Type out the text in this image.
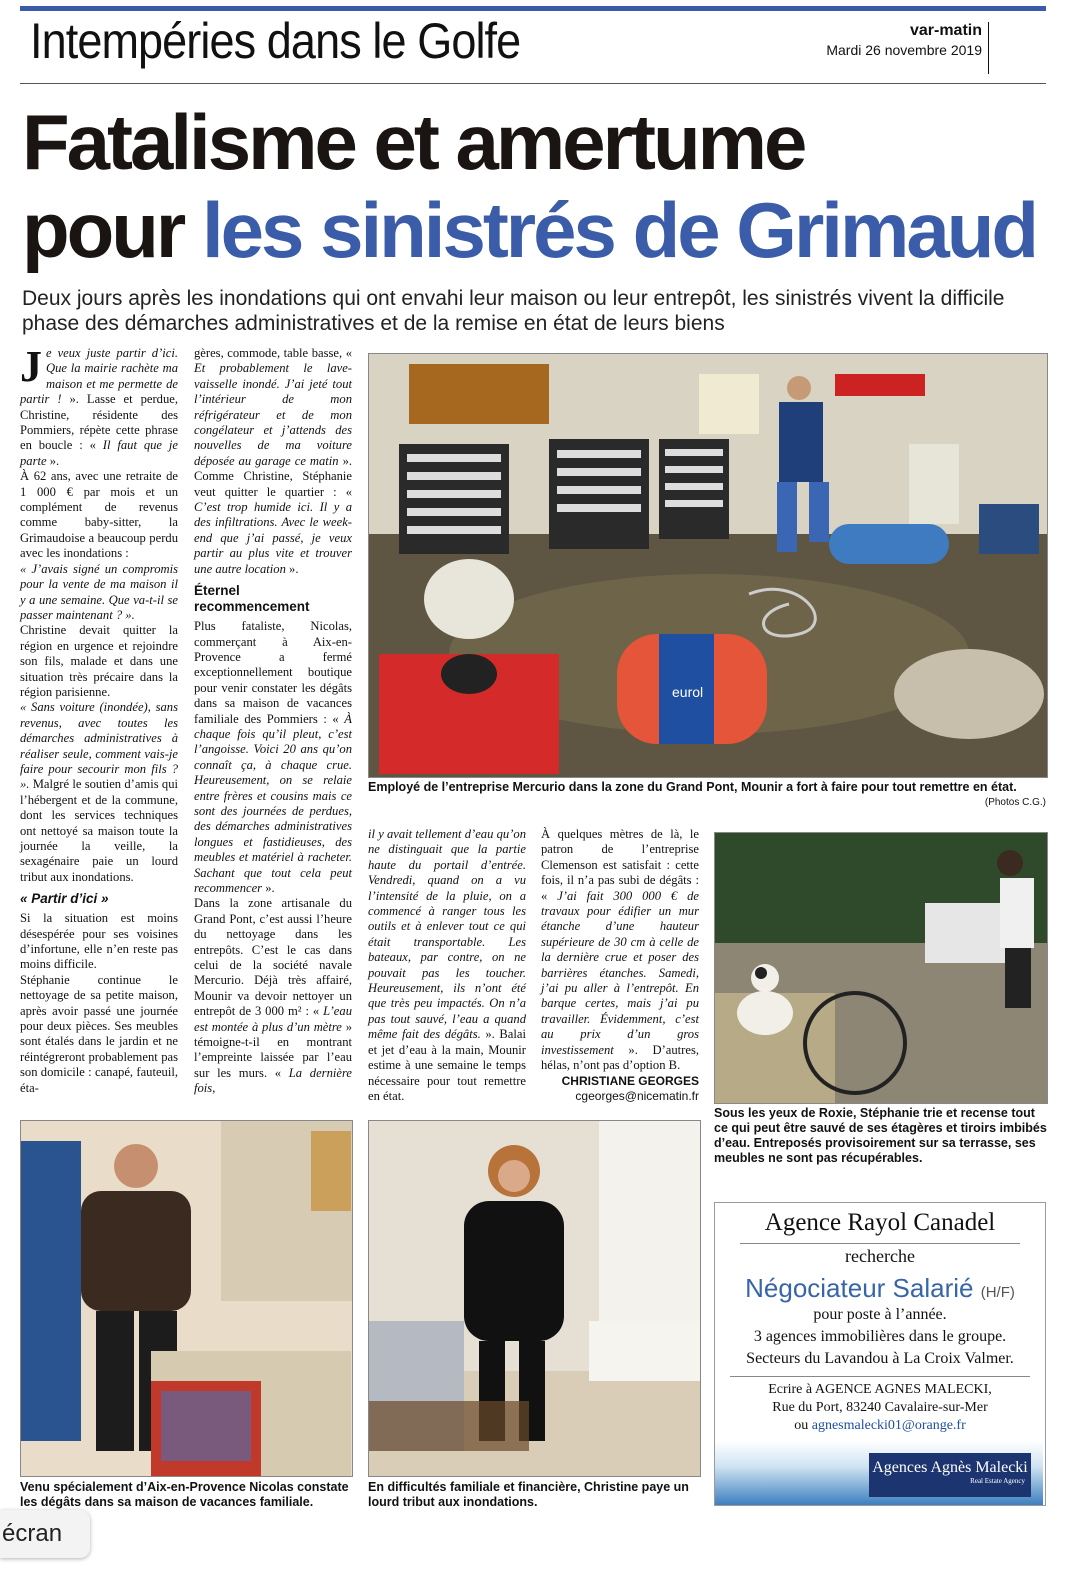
Intempéries dans le Golfe	var-matin
Mardi 26 novembre 2019
Fatalisme et amertume
pour les sinistrés de Grimaud
Deux jours après les inondations qui ont envahi leur maison ou leur entrepôt, les sinistrés vivent la difficile phase des démarches administratives et de la remise en état de leurs biens

Je veux juste partir d’ici. Que la mairie rachète ma maison et me permette de partir ! ». Lasse et perdue, Christine, résidente des Pommiers, répète cette phrase en boucle : « Il faut que je parte ».

À 62 ans, avec une retraite de 1 000 € par mois et un complément de revenus comme baby-sitter, la Grimaudoise a beaucoup perdu avec les inondations :

« J’avais signé un compromis pour la vente de ma maison il y a une semaine. Que va-t-il se passer maintenant ? ».

Christine devait quitter la région en urgence et rejoindre son fils, malade et dans une situation très précaire dans la région parisienne.

« Sans voiture (inondée), sans revenus, avec toutes les démarches administratives à réaliser seule, comment vais-je faire pour secourir mon fils ? ». Malgré le soutien d’amis qui l’hébergent et de la commune, dont les services techniques ont nettoyé sa maison toute la journée la veille, la sexagénaire paie un lourd tribut aux inondations.

« Partir d’ici »

Si la situation est moins désespérée pour ses voisines d’infortune, elle n’en reste pas moins difficile.

Stéphanie continue le nettoyage de sa petite maison, après avoir passé une journée pour deux pièces. Ses meubles sont étalés dans le jardin et ne réintégreront probablement pas son domicile : canapé, fauteuil, éta-

gères, commode, table basse, « Et probablement le lave-vaisselle inondé. J’ai jeté tout l’intérieur de mon réfrigérateur et de mon congélateur et j’attends des nouvelles de ma voiture déposée au garage ce matin ». Comme Christine, Stéphanie veut quitter le quartier : « C’est trop humide ici. Il y a des infiltrations. Avec le week-end que j’ai passé, je veux partir au plus vite et trouver une autre location ».

Éternel recommencement

Plus fataliste, Nicolas, commerçant à Aix-en-Provence a fermé exceptionnellement boutique pour venir constater les dégâts dans sa maison de vacances familiale des Pommiers : « À chaque fois qu’il pleut, c’est l’angoisse. Voici 20 ans qu’on connaît ça, à chaque crue. Heureusement, on se relaie entre frères et cousins mais ce sont des journées de perdues, des démarches administratives longues et fastidieuses, des meubles et matériel à racheter. Sachant que tout cela peut recommencer ».

Dans la zone artisanale du Grand Pont, c’est aussi l’heure du nettoyage dans les entrepôts. C’est le cas dans celui de la société navale Mercurio. Déjà très affairé, Mounir va devoir nettoyer un entrepôt de 3 000 m² : « L’eau est montée à plus d’un mètre » témoigne-t-il en montrant l’empreinte laissée par l’eau sur les murs. « La dernière fois,

eurol
Employé de l’entreprise Mercurio dans la zone du Grand Pont, Mounir a fort à faire pour tout remettre en état.
(Photos C.G.)

il y avait tellement d’eau qu’on ne distinguait que la partie haute du portail d’entrée. Vendredi, quand on a vu l’intensité de la pluie, on a commencé à ranger tous les outils et à enlever tout ce qui était transportable. Les bateaux, par contre, on ne pouvait pas les toucher. Heureusement, ils n’ont été que très peu impactés. On n’a pas tout sauvé, l’eau a quand même fait des dégâts. ». Balai et jet d’eau à la main, Mounir estime à une semaine le temps nécessaire pour tout remettre en état.

À quelques mètres de là, le patron de l’entreprise Clemenson est satisfait : cette fois, il n’a pas subi de dégâts : « J’ai fait 300 000 € de travaux pour édifier un mur étanche d’une hauteur supérieure de 30 cm à celle de la dernière crue et poser des barrières étanches. Samedi, j’ai pu aller à l’entrepôt. En barque certes, mais j’ai pu travailler. Évidemment, c’est au prix d’un gros investissement ». D’autres, hélas, n’ont pas d’option B.

CHRISTIANE GEORGES
cgeorges@nicematin.fr
Sous les yeux de Roxie, Stéphanie trie et recense tout ce qui peut être sauvé de ses étagères et tiroirs imbibés d’eau. Entreposés provisoirement sur sa terrasse, ses meubles ne sont pas récupérables.
Venu spécialement d’Aix-en-Provence Nicolas constate les dégâts dans sa maison de vacances familiale.
En difficultés familiale et financière, Christine paye un lourd tribut aux inondations.
Agence Rayol Canadel
recherche
Négociateur Salarié (H/F)
pour poste à l’année.
3 agences immobilières dans le groupe.
Secteurs du Lavandou à La Croix Valmer.
Ecrire à AGENCE AGNES MALECKI,
Rue du Port, 83240 Cavalaire-sur-Mer
ou agnesmalecki01@orange.fr
Agences Agnès Malecki
Real Estate Agency
écran
